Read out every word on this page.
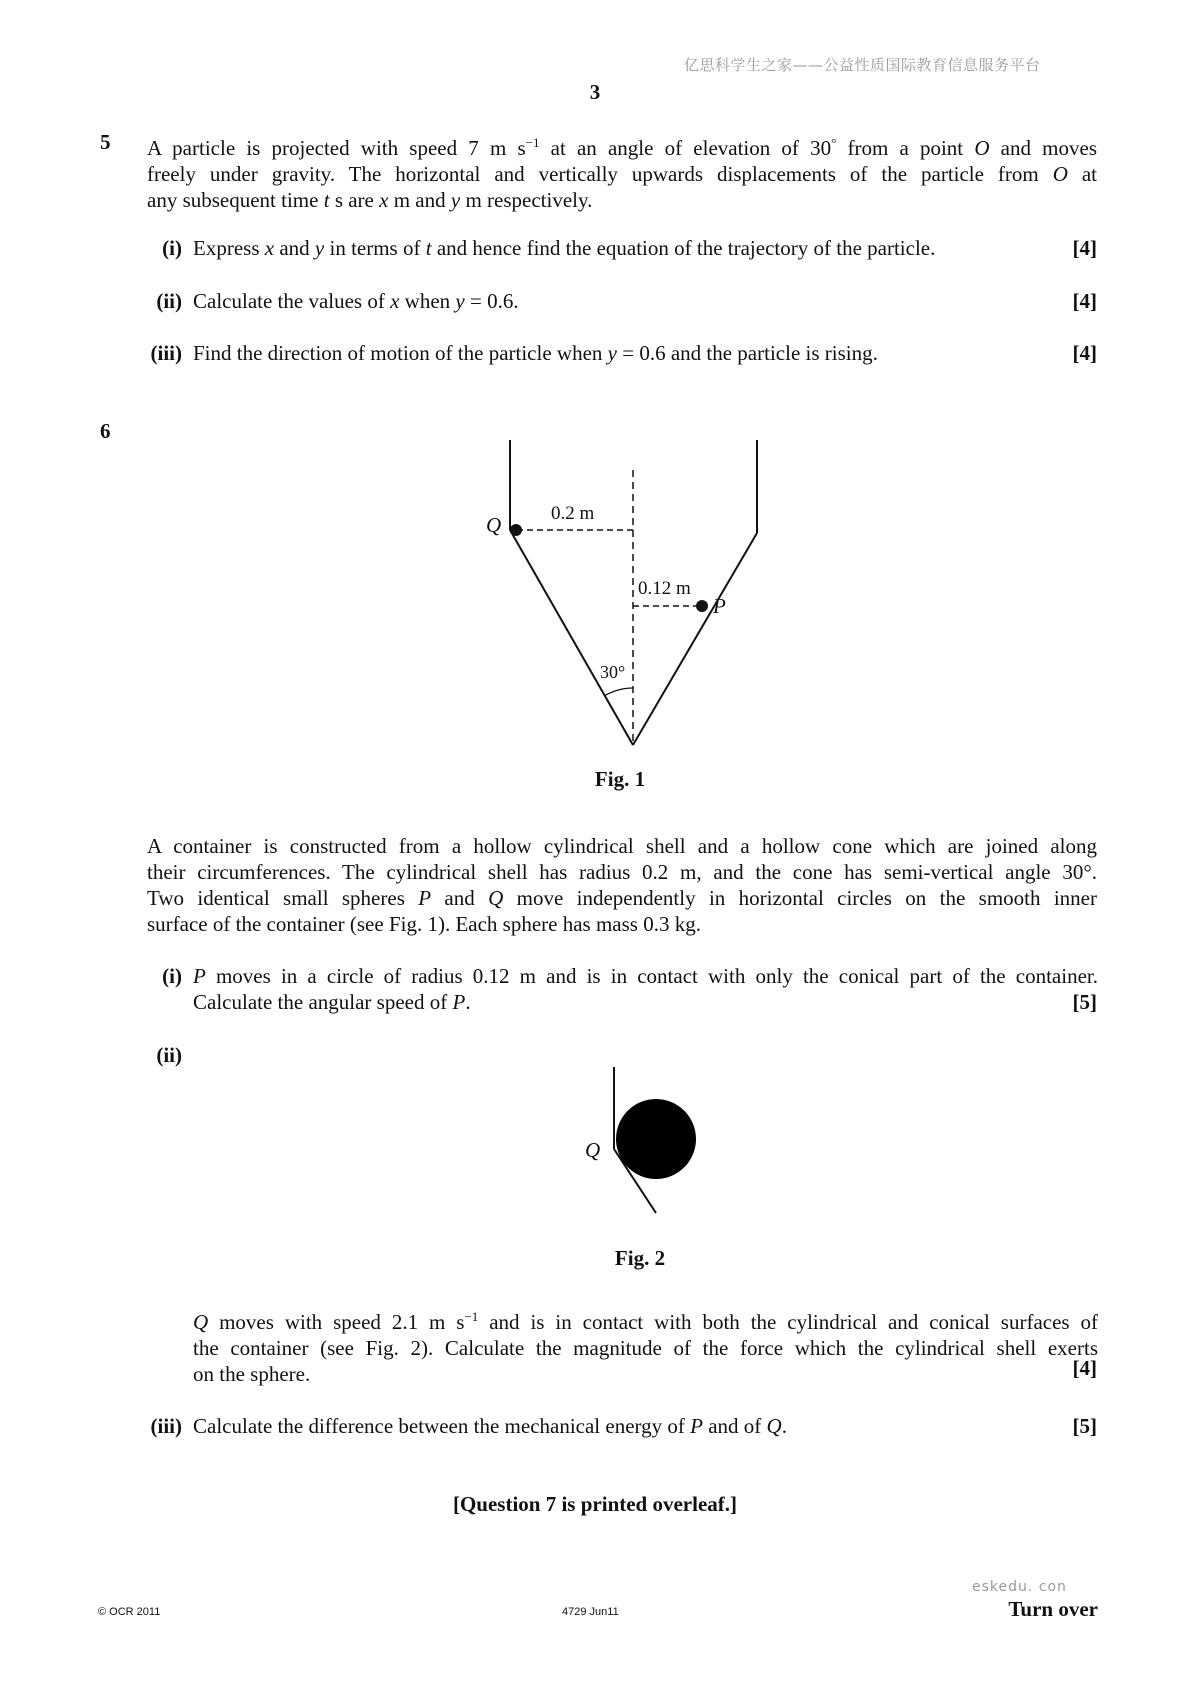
亿思科学生之家——公益性质国际教育信息服务平台
3
5 A particle is projected with speed 7 m $s^{-1}$ at an angle of elevation of 30° from a point O and moves
freely under gravity. The horizontal and vertically upwards displacements of the particle from O at
any subsequent time t s are x m and y m respectively.
(i) Express x and y in terms of t and hence find the equation of the trajectory of the particle.	[4]
(ii) Calculate the values of x when y = 0.6.	[4]
(iii) Find the direction of motion of the particle when y = 0.6 and the particle is rising.	[4]
6
Q
P
0.2 m
0.12 m
30°
Fig. 1
A container is constructed from a hollow cylindrical shell and a hollow cone which are joined along
their circumferences. The cylindrical shell has radius 0.2 m, and the cone has semi-vertical angle 30°.
Two identical small spheres P and Q move independently in horizontal circles on the smooth inner
surface of the container (see Fig. 1). Each sphere has mass 0.3 kg.
(i) P moves in a circle of radius 0.12 m and is in contact with only the conical part of the container.
Calculate the angular speed of P.	[5]
(ii)
Q
Fig. 2
Q moves with speed 2.1 m $s^{-1}$ and is in contact with both the cylindrical and conical surfaces of
the container (see Fig. 2). Calculate the magnitude of the force which the cylindrical shell exerts
on the sphere.	[4]
(iii) Calculate the difference between the mechanical energy of P and of Q.	[5]
[Question 7 is printed overleaf.]
© OCR 2011	4729 Jun11
eskedu. con
Turn over
